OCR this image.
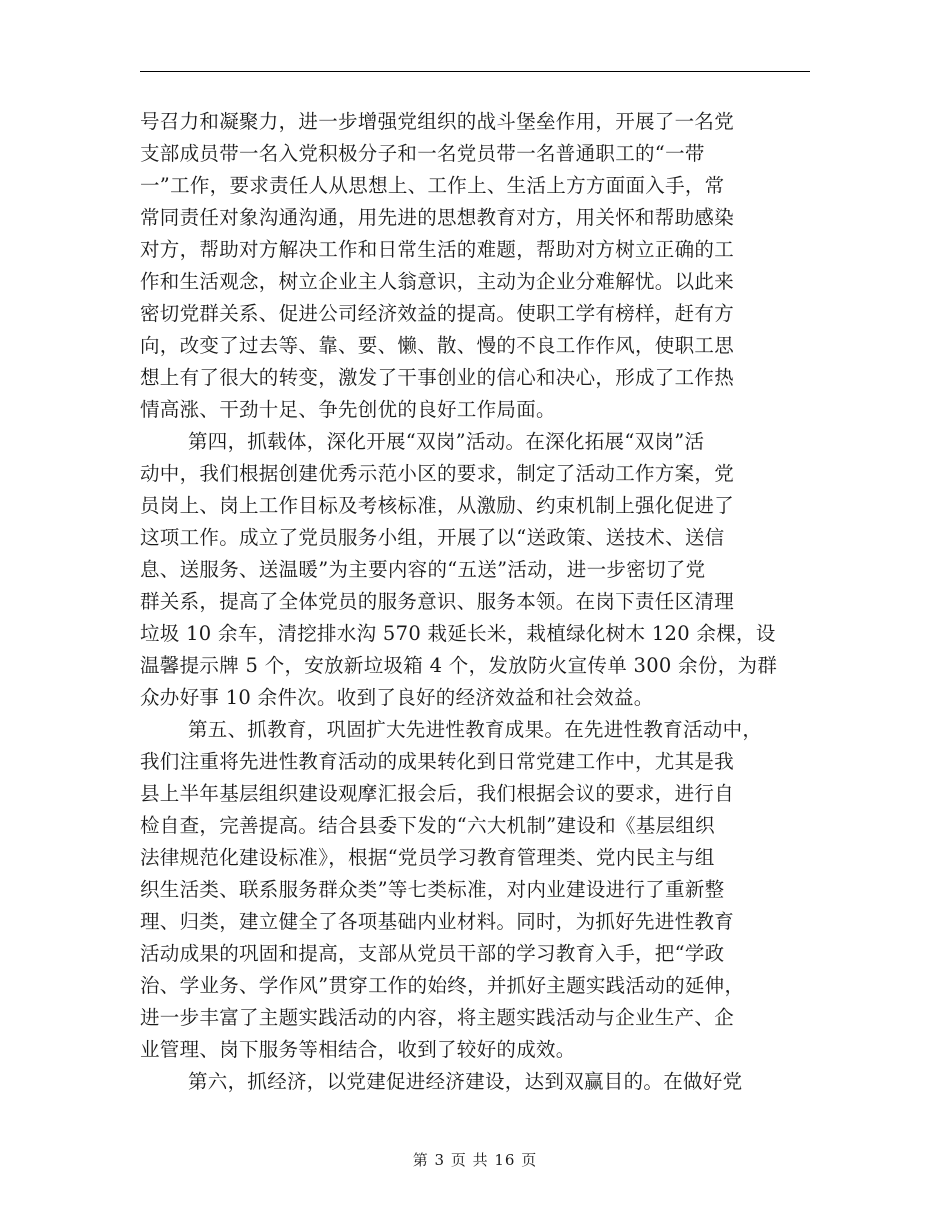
号召力和凝聚力，进一步增强党组织的战斗堡垒作用，开展了一名党
支部成员带一名入党积极分子和一名党员带一名普通职工的“一带
一”工作，要求责任人从思想上、工作上、生活上方方面面入手，常
常同责任对象沟通沟通，用先进的思想教育对方，用关怀和帮助感染
对方，帮助对方解决工作和日常生活的难题，帮助对方树立正确的工
作和生活观念，树立企业主人翁意识，主动为企业分难解忧。以此来
密切党群关系、促进公司经济效益的提高。使职工学有榜样，赶有方
向，改变了过去等、靠、要、懒、散、慢的不良工作作风，使职工思
想上有了很大的转变，激发了干事创业的信心和决心，形成了工作热
情高涨、干劲十足、争先创优的良好工作局面。
第四，抓载体，深化开展“双岗”活动。在深化拓展“双岗”活
动中，我们根据创建优秀示范小区的要求，制定了活动工作方案，党
员岗上、岗上工作目标及考核标准，从激励、约束机制上强化促进了
这项工作。成立了党员服务小组，开展了以“送政策、送技术、送信
息、送服务、送温暖”为主要内容的“五送”活动，进一步密切了党
群关系，提高了全体党员的服务意识、服务本领。在岗下责任区清理
垃圾 10 余车，清挖排水沟 570 栽延长米，栽植绿化树木 120 余棵，设
温馨提示牌 5 个，安放新垃圾箱 4 个，发放防火宣传单 300 余份，为群
众办好事 10 余件次。收到了良好的经济效益和社会效益。
第五、抓教育，巩固扩大先进性教育成果。在先进性教育活动中，
我们注重将先进性教育活动的成果转化到日常党建工作中，尤其是我
县上半年基层组织建设观摩汇报会后，我们根据会议的要求，进行自
检自查，完善提高。结合县委下发的“六大机制”建设和《基层组织
法律规范化建设标准》，根据“党员学习教育管理类、党内民主与组
织生活类、联系服务群众类”等七类标准，对内业建设进行了重新整
理、归类，建立健全了各项基础内业材料。同时，为抓好先进性教育
活动成果的巩固和提高，支部从党员干部的学习教育入手，把“学政
治、学业务、学作风”贯穿工作的始终，并抓好主题实践活动的延伸，
进一步丰富了主题实践活动的内容，将主题实践活动与企业生产、企
业管理、岗下服务等相结合，收到了较好的成效。
第六，抓经济，以党建促进经济建设，达到双赢目的。在做好党
第 3 页 共 16 页
